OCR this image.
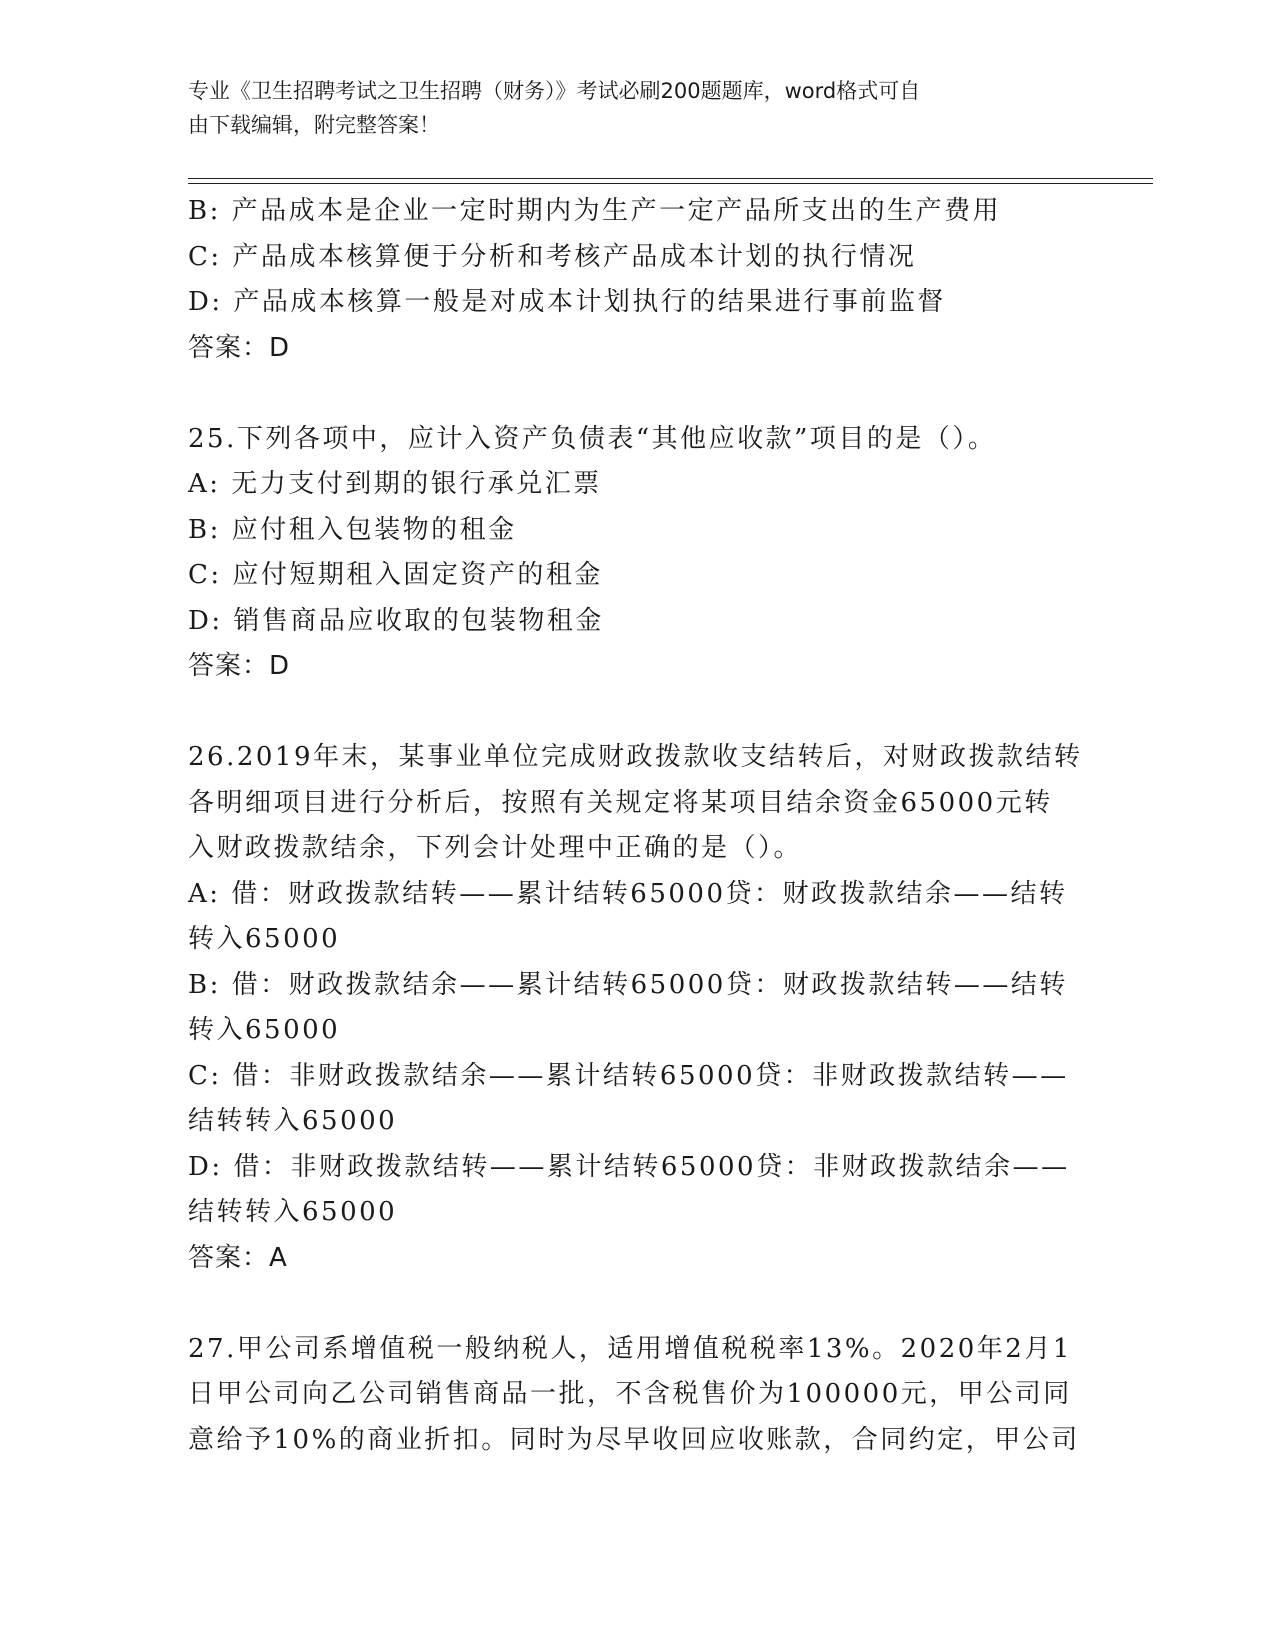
专业《卫生招聘考试之卫生招聘（财务）》考试必刷200题题库，word格式可自
由下载编辑，附完整答案！
B: 产品成本是企业一定时期内为生产一定产品所支出的生产费用
C: 产品成本核算便于分析和考核产品成本计划的执行情况
D: 产品成本核算一般是对成本计划执行的结果进行事前监督
答案：D
25.下列各项中，应计入资产负债表“其他应收款”项目的是（）。
A: 无力支付到期的银行承兑汇票
B: 应付租入包装物的租金
C: 应付短期租入固定资产的租金
D: 销售商品应收取的包装物租金
答案：D
26.2019年末，某事业单位完成财政拨款收支结转后，对财政拨款结转
各明细项目进行分析后，按照有关规定将某项目结余资金65000元转
入财政拨款结余，下列会计处理中正确的是（）。
A: 借：财政拨款结转——累计结转65000贷：财政拨款结余——结转
转入65000
B: 借：财政拨款结余——累计结转65000贷：财政拨款结转——结转
转入65000
C: 借：非财政拨款结余——累计结转65000贷：非财政拨款结转——
结转转入65000
D: 借：非财政拨款结转——累计结转65000贷：非财政拨款结余——
结转转入65000
答案：A
27.甲公司系增值税一般纳税人，适用增值税税率13%。2020年2月1
日甲公司向乙公司销售商品一批，不含税售价为100000元，甲公司同
意给予10%的商业折扣。同时为尽早收回应收账款，合同约定，甲公司
